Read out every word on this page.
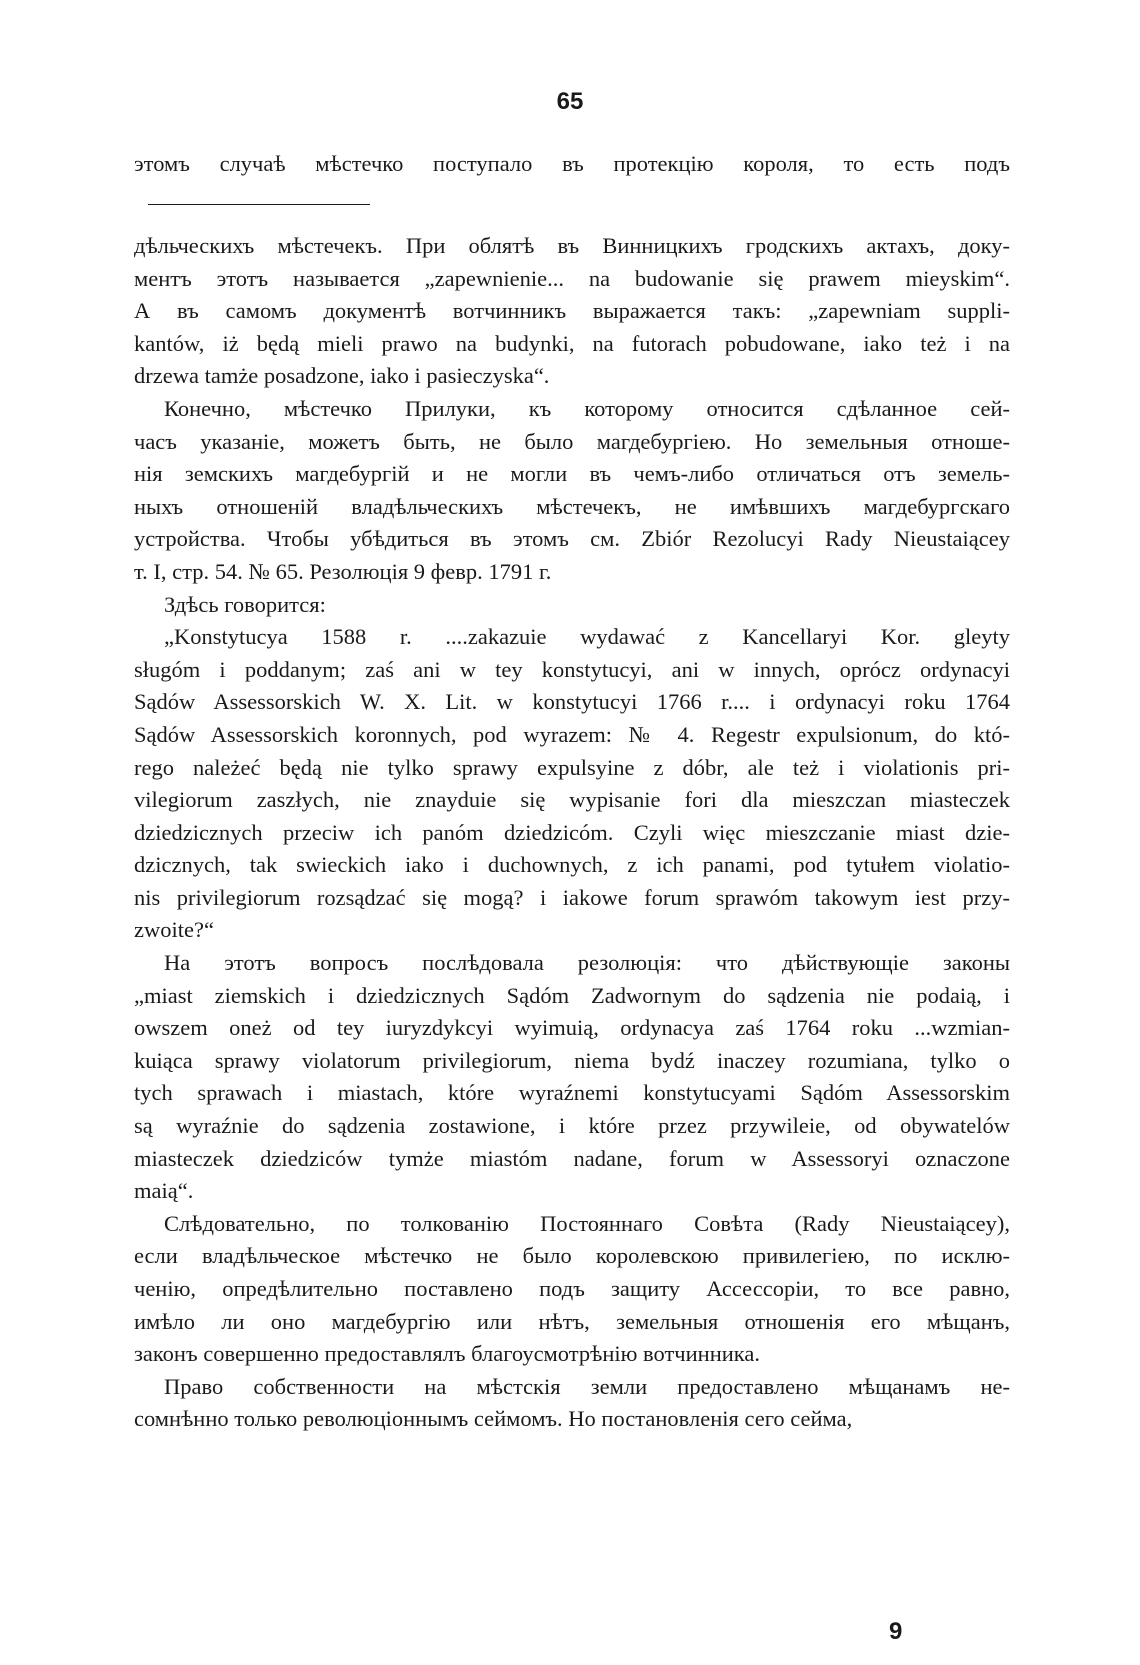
65
этомъ случаѣ мѣстечко поступало въ протекцію короля, то есть подъ
дѣльческихъ мѣстечекъ. При облятѣ въ Винницкихъ гродскихъ актахъ, доку-
ментъ этотъ называется „zapewnienie... na budowanie się prawem mieyskim“.
А въ самомъ документѣ вотчинникъ выражается такъ: „zapewniam suppli-
kantów, iż będą mieli prawo na budynki, na futorach pobudowane, iako też i na
drzewa tamże posadzone, iako i pasieczyska“.
Конечно, мѣстечко Прилуки, къ которому относится сдѣланное сей-
часъ указаніе, можетъ быть, не было магдебургіею. Но земельныя отноше-
нія земскихъ магдебургій и не могли въ чемъ-либо отличаться отъ земель-
ныхъ отношеній владѣльческихъ мѣстечекъ, не имѣвшихъ магдебургскаго
устройства. Чтобы убѣдиться въ этомъ см. Zbiór Rezolucyi Rady Nieustaiącey
т. I, стр. 54. № 65. Резолюція 9 февр. 1791 г.
Здѣсь говорится:
„Konstytucya 1588 r. ....zakazuie wydawać z Kancellaryi Kor. gleyty
sługóm i poddanym; zaś ani w tey konstytucyi, ani w innych, oprócz ordynacyi
Sądów Assessorskich W. X. Lit. w konstytucyi 1766 r.... i ordynacyi roku 1764
Sądów Assessorskich koronnych, pod wyrazem: № 4. Regestr expulsionum, do któ-
rego należeć będą nie tylko sprawy expulsyine z dóbr, ale też i violationis pri-
vilegiorum zaszłych, nie znayduie się wypisanie fori dla mieszczan miasteczek
dziedzicznych przeciw ich panóm dziedzicóm. Czyli więc mieszczanie miast dzie-
dzicznych, tak swieckich iako i duchownych, z ich panami, pod tytułem violatio-
nis privilegiorum rozsądzać się mogą? i iakowe forum sprawóm takowym iest przy-
zwoite?“
На этотъ вопросъ послѣдовала резолюція: что дѣйствующіе законы
„miast ziemskich i dziedzicznych Sądóm Zadwornym do sądzenia nie podaią, i
owszem oneż od tey iuryzdykcyi wyimuią, ordynacya zaś 1764 roku ...wzmian-
kuiąca sprawy violatorum privilegiorum, niema bydź inaczey rozumiana, tylko o
tych sprawach i miastach, które wyraźnemi konstytucyami Sądóm Assessorskim
są wyraźnie do sądzenia zostawione, i które przez przywileie, od obywatelów
miasteczek dziedziców tymże miastóm nadane, forum w Assessoryi oznaczone
maią“.
Слѣдовательно, по толкованію Постояннаго Совѣта (Rady Nieustaiącey),
если владѣльческое мѣстечко не было королевскою привилегіею, по исклю-
ченію, опредѣлительно поставлено подъ защиту Ассессоріи, то все равно,
имѣло ли оно магдебургію или нѣтъ, земельныя отношенія его мѣщанъ,
законъ совершенно предоставлялъ благоусмотрѣнію вотчинника.
Право собственности на мѣстскія земли предоставлено мѣщанамъ не-
сомнѣнно только революціоннымъ сеймомъ. Но постановленія сего сейма,
9
